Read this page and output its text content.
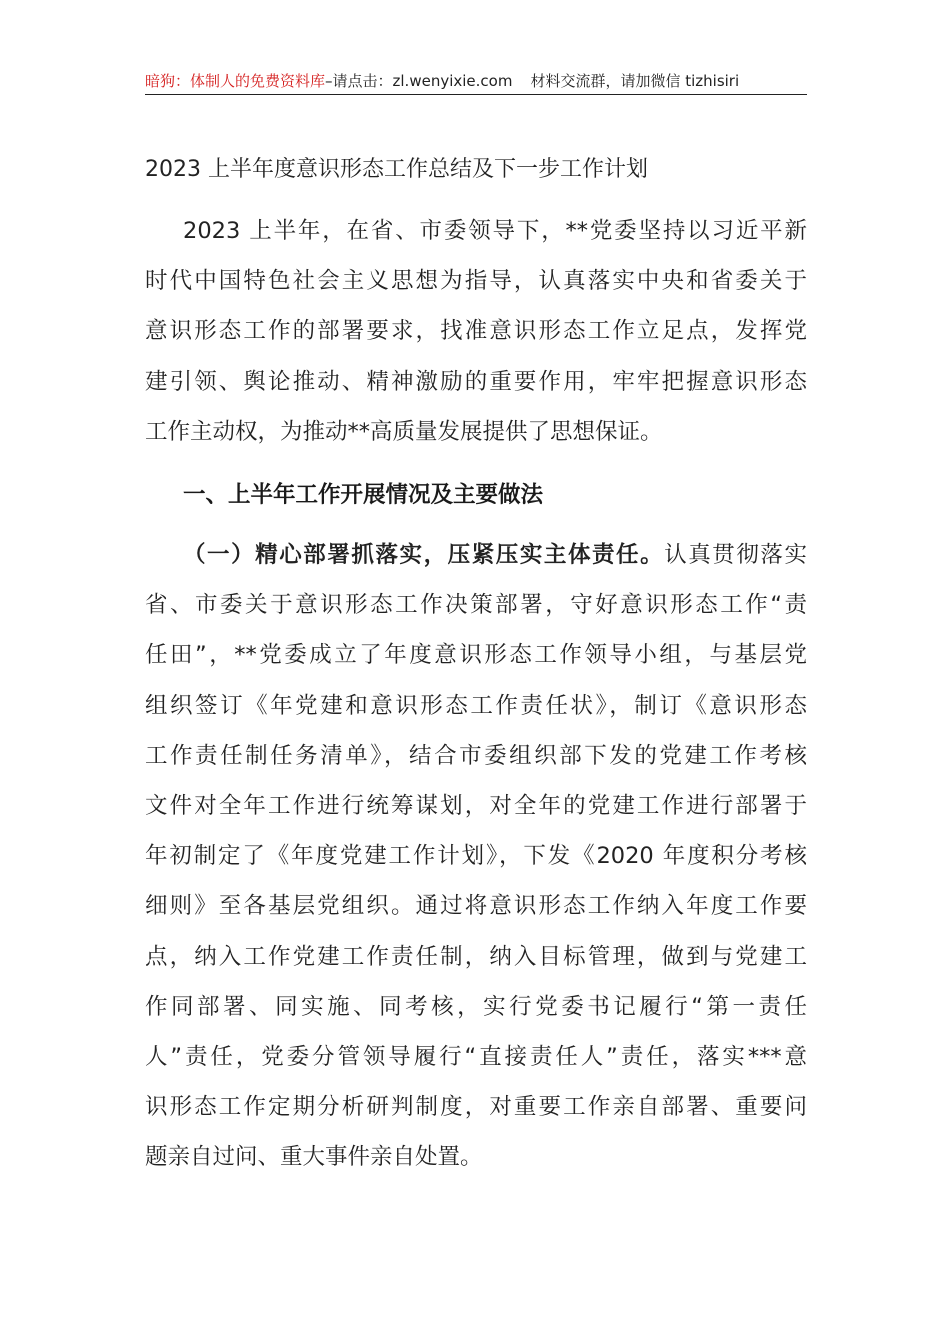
暗狗：体制人的免费资料库–请点击：zl.wenyixie.com 材料交流群，请加微信 tizhisiri
2023 上半年度意识形态工作总结及下一步工作计划
2023 上半年，在省、市委领导下，**党委坚持以习近平新
时代中国特色社会主义思想为指导，认真落实中央和省委关于
意识形态工作的部署要求，找准意识形态工作立足点，发挥党
建引领、舆论推动、精神激励的重要作用，牢牢把握意识形态
工作主动权，为推动**高质量发展提供了思想保证。
一、上半年工作开展情况及主要做法
（一）精心部署抓落实，压紧压实主体责任。认真贯彻落实
省、市委关于意识形态工作决策部署，守好意识形态工作“责
任田”，**党委成立了年度意识形态工作领导小组，与基层党
组织签订《年党建和意识形态工作责任状》，制订《意识形态
工作责任制任务清单》，结合市委组织部下发的党建工作考核
文件对全年工作进行统筹谋划，对全年的党建工作进行部署于
年初制定了《年度党建工作计划》，下发《2020 年度积分考核
细则》至各基层党组织。通过将意识形态工作纳入年度工作要
点，纳入工作党建工作责任制，纳入目标管理，做到与党建工
作同部署、同实施、同考核，实行党委书记履行“第一责任
人”责任，党委分管领导履行“直接责任人”责任，落实***意
识形态工作定期分析研判制度，对重要工作亲自部署、重要问
题亲自过问、重大事件亲自处置。
